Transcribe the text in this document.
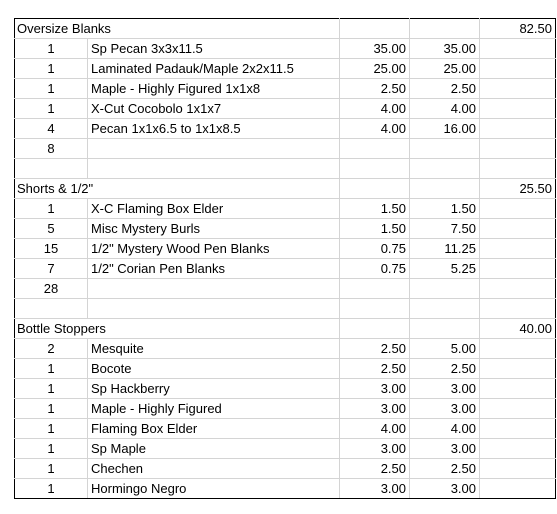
Oversize Blanks				82.50
1	Sp Pecan 3x3x11.5	35.00	35.00	
1	Laminated Padauk/Maple 2x2x11.5	25.00	25.00	
1	Maple - Highly Figured 1x1x8	2.50	2.50	
1	X-Cut Cocobolo 1x1x7	4.00	4.00	
4	Pecan 1x1x6.5 to 1x1x8.5	4.00	16.00	
8				

Shorts & 1/2"				25.50
1	X-C Flaming Box Elder	1.50	1.50	
5	Misc Mystery Burls	1.50	7.50	
15	1/2" Mystery Wood Pen Blanks	0.75	11.25	
7	1/2" Corian Pen Blanks	0.75	5.25	
28				

Bottle Stoppers				40.00
2	Mesquite	2.50	5.00	
1	Bocote	2.50	2.50	
1	Sp Hackberry	3.00	3.00	
1	Maple - Highly Figured	3.00	3.00	
1	Flaming Box Elder	4.00	4.00	
1	Sp Maple	3.00	3.00	
1	Chechen	2.50	2.50	
1	Hormingo Negro	3.00	3.00	
